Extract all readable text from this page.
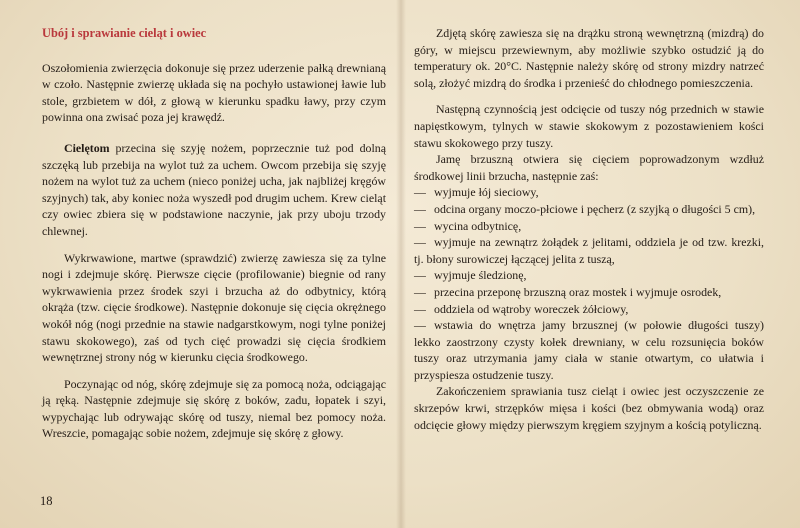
Ubój i sprawianie cieląt i owiec

Oszołomienia zwierzęcia dokonuje się przez uderzenie pałką drewnianą w czoło. Następnie zwierzę układa się na pochyło ustawionej ławie lub stole, grzbietem w dół, z głową w kierunku spadku ławy, przy czym powinna ona zwisać poza jej krawędź.

Cielętom przecina się szyję nożem, poprzecznie tuż pod dolną szczęką lub przebija na wylot tuż za uchem. Owcom przebija się szyję nożem na wylot tuż za uchem (nieco poniżej ucha, jak najbliżej kręgów szyjnych) tak, aby koniec noża wyszedł pod drugim uchem. Krew cieląt czy owiec zbiera się w podstawione naczynie, jak przy uboju trzody chlewnej.

Wykrwawione, martwe (sprawdzić) zwierzę zawiesza się za tylne nogi i zdejmuje skórę. Pierwsze cięcie (profilowanie) biegnie od rany wykrwawienia przez środek szyi i brzucha aż do odbytnicy, którą okrąża (tzw. cięcie środkowe). Następnie dokonuje się cięcia okrężnego wokół nóg (nogi przednie na stawie nadgarstkowym, nogi tylne poniżej stawu skokowego), zaś od tych cięć prowadzi się cięcia środkiem wewnętrznej strony nóg w kierunku cięcia środkowego.

Poczynając od nóg, skórę zdejmuje się za pomocą noża, odciągając ją ręką. Następnie zdejmuje się skórę z boków, zadu, łopatek i szyi, wypychając lub odrywając skórę od tuszy, niemal bez pomocy noża. Wreszcie, pomagając sobie nożem, zdejmuje się skórę z głowy.

Zdjętą skórę zawiesza się na drążku stroną wewnętrzną (mizdrą) do góry, w miejscu przewiewnym, aby możliwie szybko ostudzić ją do temperatury ok. 20°C. Następnie należy skórę od strony mizdry natrzeć solą, złożyć mizdrą do środka i przenieść do chłodnego pomieszczenia.

Następną czynnością jest odcięcie od tuszy nóg przednich w stawie napięstkowym, tylnych w stawie skokowym z pozostawieniem kości stawu skokowego przy tuszy.

Jamę brzuszną otwiera się cięciem poprowadzonym wzdłuż środkowej linii brzucha, następnie zaś:

— wyjmuje łój sieciowy,
— odcina organy moczo-płciowe i pęcherz (z szyjką o długości 5 cm),
— wycina odbytnicę,
— wyjmuje na zewnątrz żołądek z jelitami, oddziela je od tzw. krezki, tj. błony surowiczej łączącej jelita z tuszą,
— wyjmuje śledzionę,
— przecina przeponę brzuszną oraz mostek i wyjmuje osrodek,
— oddziela od wątroby woreczek żółciowy,
— wstawia do wnętrza jamy brzusznej (w połowie długości tuszy) lekko zaostrzony czysty kołek drewniany, w celu rozsunięcia boków tuszy oraz utrzymania jamy ciała w stanie otwartym, co ułatwia i przyspiesza ostudzenie tuszy.

Zakończeniem sprawiania tusz cieląt i owiec jest oczyszczenie ze skrzepów krwi, strzępków mięsa i kości (bez obmywania wodą) oraz odcięcie głowy między pierwszym kręgiem szyjnym a kością potyliczną.

18
